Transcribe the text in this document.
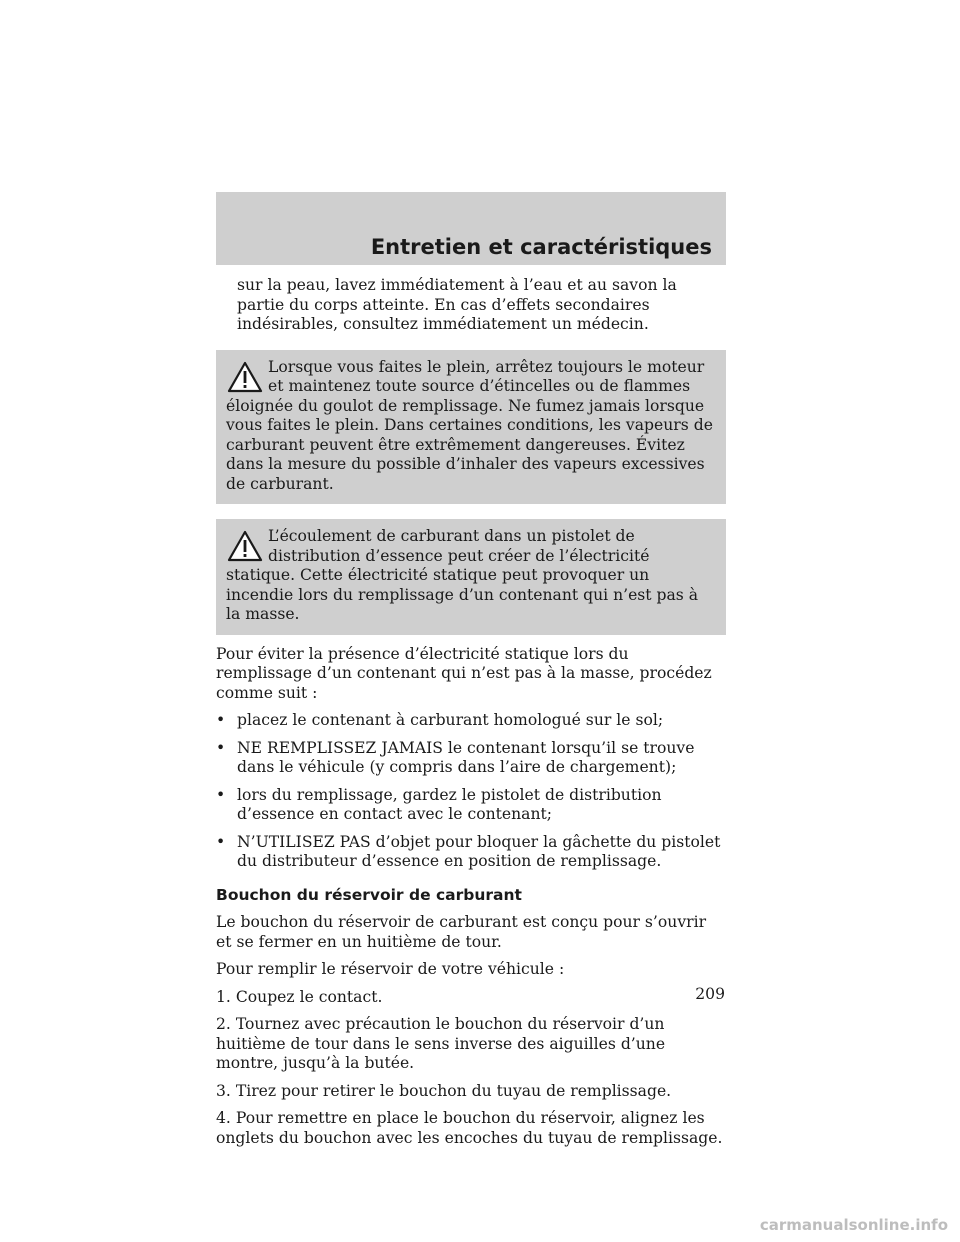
Entretien et caractéristiques

sur la peau, lavez immédiatement à l’eau et au savon la partie du corps atteinte. En cas d’effets secondaires indésirables, consultez immédiatement un médecin.

Lorsque vous faites le plein, arrêtez toujours le moteur et maintenez toute source d’étincelles ou de flammes éloignée du goulot de remplissage. Ne fumez jamais lorsque vous faites le plein. Dans certaines conditions, les vapeurs de carburant peuvent être extrêmement dangereuses. Évitez dans la mesure du possible d’inhaler des vapeurs excessives de carburant.

L’écoulement de carburant dans un pistolet de distribution d’essence peut créer de l’électricité statique. Cette électricité statique peut provoquer un incendie lors du remplissage d’un contenant qui n’est pas à la masse.

Pour éviter la présence d’électricité statique lors du remplissage d’un contenant qui n’est pas à la masse, procédez comme suit :

• placez le contenant à carburant homologué sur le sol;
• NE REMPLISSEZ JAMAIS le contenant lorsqu’il se trouve dans le véhicule (y compris dans l’aire de chargement);
• lors du remplissage, gardez le pistolet de distribution d’essence en contact avec le contenant;
• N’UTILISEZ PAS d’objet pour bloquer la gâchette du pistolet du distributeur d’essence en position de remplissage.
Bouchon du réservoir de carburant

Le bouchon du réservoir de carburant est conçu pour s’ouvrir et se fermer en un huitième de tour.

Pour remplir le réservoir de votre véhicule :

1. Coupez le contact.

2. Tournez avec précaution le bouchon du réservoir d’un huitième de tour dans le sens inverse des aiguilles d’une montre, jusqu’à la butée.

3. Tirez pour retirer le bouchon du tuyau de remplissage.

4. Pour remettre en place le bouchon du réservoir, alignez les onglets du bouchon avec les encoches du tuyau de remplissage.

209
carmanualsonline.info
